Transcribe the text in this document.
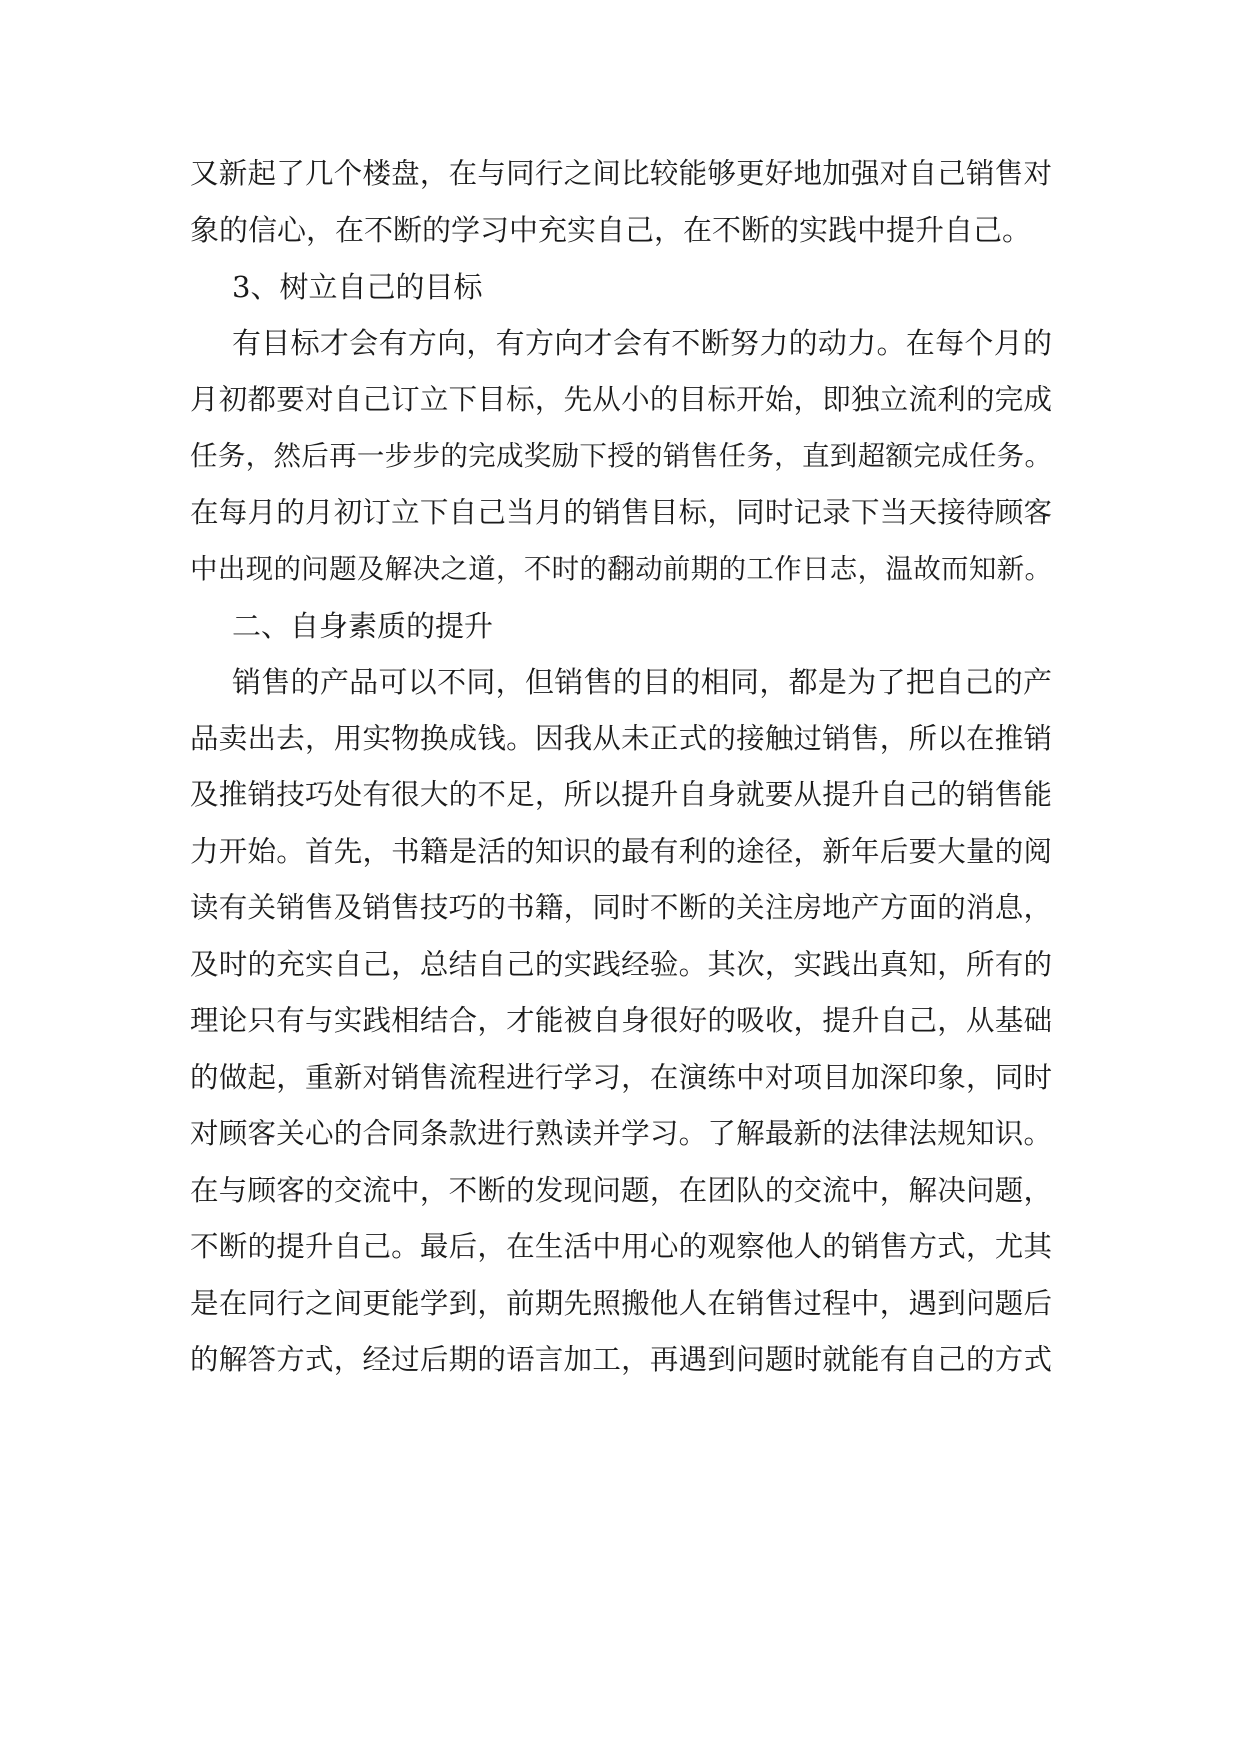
又新起了几个楼盘，在与同行之间比较能够更好地加强对自己销售对
象的信心，在不断的学习中充实自己，在不断的实践中提升自己。
3、树立自己的目标
有目标才会有方向，有方向才会有不断努力的动力。在每个月的
月初都要对自己订立下目标，先从小的目标开始，即独立流利的完成
任务，然后再一步步的完成奖励下授的销售任务，直到超额完成任务。
在每月的月初订立下自己当月的销售目标，同时记录下当天接待顾客
中出现的问题及解决之道，不时的翻动前期的工作日志，温故而知新。
二、自身素质的提升
销售的产品可以不同，但销售的目的相同，都是为了把自己的产
品卖出去，用实物换成钱。因我从未正式的接触过销售，所以在推销
及推销技巧处有很大的不足，所以提升自身就要从提升自己的销售能
力开始。首先，书籍是活的知识的最有利的途径，新年后要大量的阅
读有关销售及销售技巧的书籍，同时不断的关注房地产方面的消息，
及时的充实自己，总结自己的实践经验。其次，实践出真知，所有的
理论只有与实践相结合，才能被自身很好的吸收，提升自己，从基础
的做起，重新对销售流程进行学习，在演练中对项目加深印象，同时
对顾客关心的合同条款进行熟读并学习。了解最新的法律法规知识。
在与顾客的交流中，不断的发现问题，在团队的交流中，解决问题，
不断的提升自己。最后，在生活中用心的观察他人的销售方式，尤其
是在同行之间更能学到，前期先照搬他人在销售过程中，遇到问题后
的解答方式，经过后期的语言加工，再遇到问题时就能有自己的方式
